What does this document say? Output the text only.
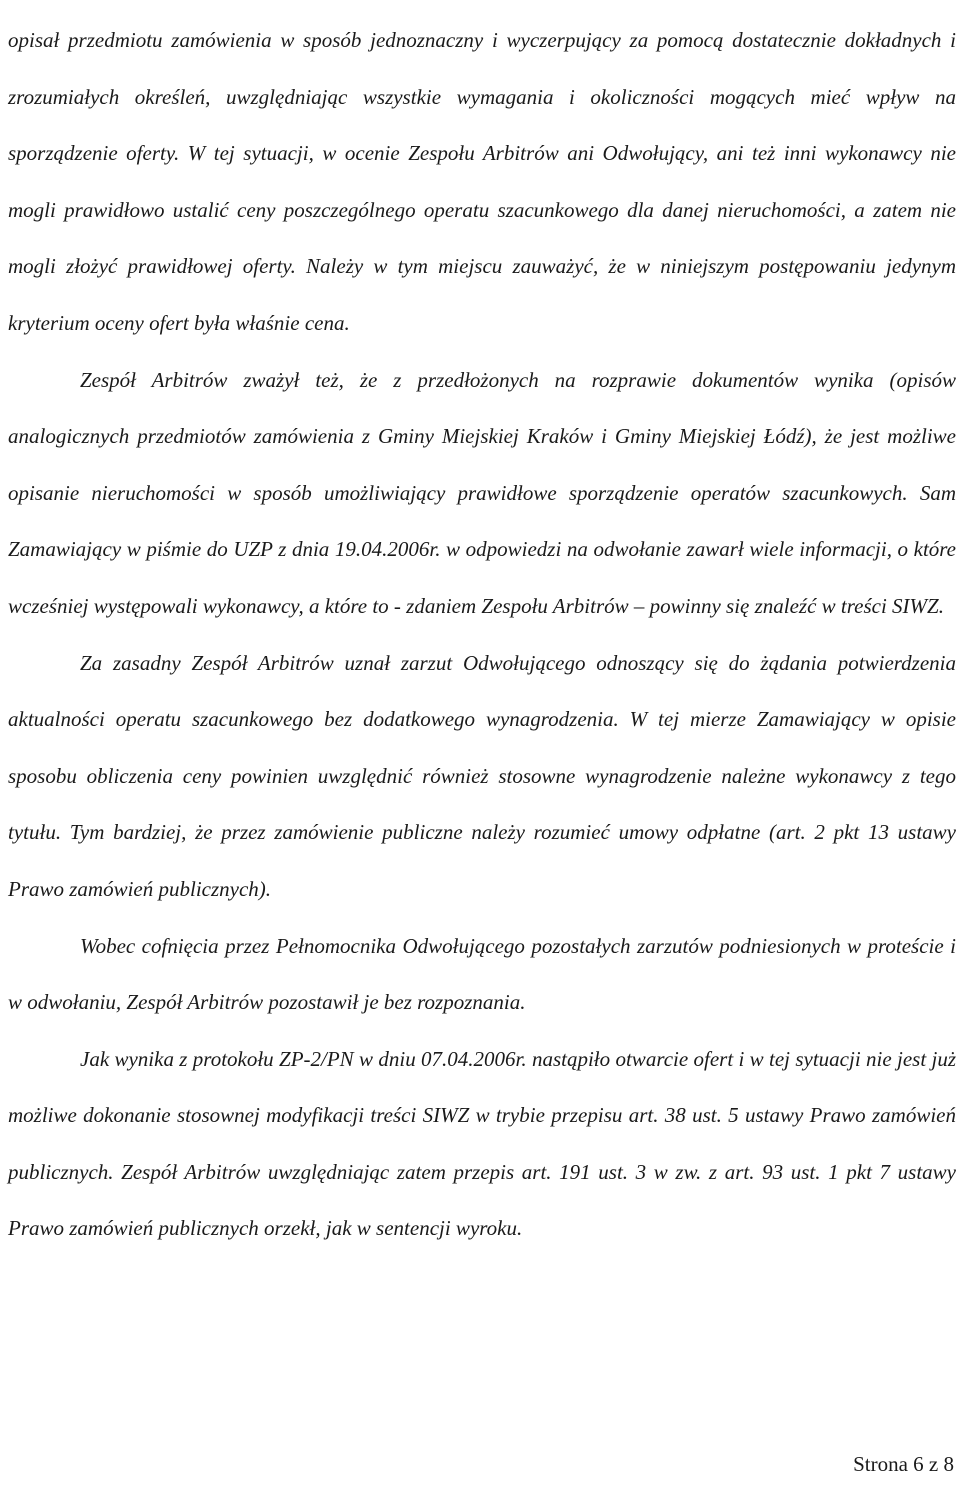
opisał przedmiotu zamówienia w sposób jednoznaczny i wyczerpujący za pomocą dostatecznie dokładnych i zrozumiałych określeń, uwzględniając wszystkie wymagania i okoliczności mogących mieć wpływ na sporządzenie oferty. W tej sytuacji, w ocenie Zespołu Arbitrów ani Odwołujący, ani też inni wykonawcy nie mogli prawidłowo ustalić ceny poszczególnego operatu szacunkowego dla danej nieruchomości, a zatem nie mogli złożyć prawidłowej oferty. Należy w tym miejscu zauważyć, że w niniejszym postępowaniu jedynym kryterium oceny ofert była właśnie cena.

Zespół Arbitrów zważył też, że z przedłożonych na rozprawie dokumentów wynika (opisów analogicznych przedmiotów zamówienia z Gminy Miejskiej Kraków i Gminy Miejskiej Łódź), że jest możliwe opisanie nieruchomości w sposób umożliwiający prawidłowe sporządzenie operatów szacunkowych. Sam Zamawiający w piśmie do UZP z dnia 19.04.2006r. w odpowiedzi na odwołanie zawarł wiele informacji, o które wcześniej występowali wykonawcy, a które to - zdaniem Zespołu Arbitrów – powinny się znaleźć w treści SIWZ.

Za zasadny Zespół Arbitrów uznał zarzut Odwołującego odnoszący się do żądania potwierdzenia aktualności operatu szacunkowego bez dodatkowego wynagrodzenia. W tej mierze Zamawiający w opisie sposobu obliczenia ceny powinien uwzględnić również stosowne wynagrodzenie należne wykonawcy z tego tytułu. Tym bardziej, że przez zamówienie publiczne należy rozumieć umowy odpłatne (art. 2 pkt 13 ustawy Prawo zamówień publicznych).

Wobec cofnięcia przez Pełnomocnika Odwołującego pozostałych zarzutów podniesionych w proteście i w odwołaniu, Zespół Arbitrów pozostawił je bez rozpoznania.

Jak wynika z protokołu ZP-2/PN w dniu 07.04.2006r. nastąpiło otwarcie ofert i w tej sytuacji nie jest już możliwe dokonanie stosownej modyfikacji treści SIWZ w trybie przepisu art. 38 ust. 5 ustawy Prawo zamówień publicznych. Zespół Arbitrów uwzględniając zatem przepis art. 191 ust. 3 w zw. z art. 93 ust. 1 pkt 7 ustawy Prawo zamówień publicznych orzekł, jak w sentencji wyroku.

Strona 6 z 8
